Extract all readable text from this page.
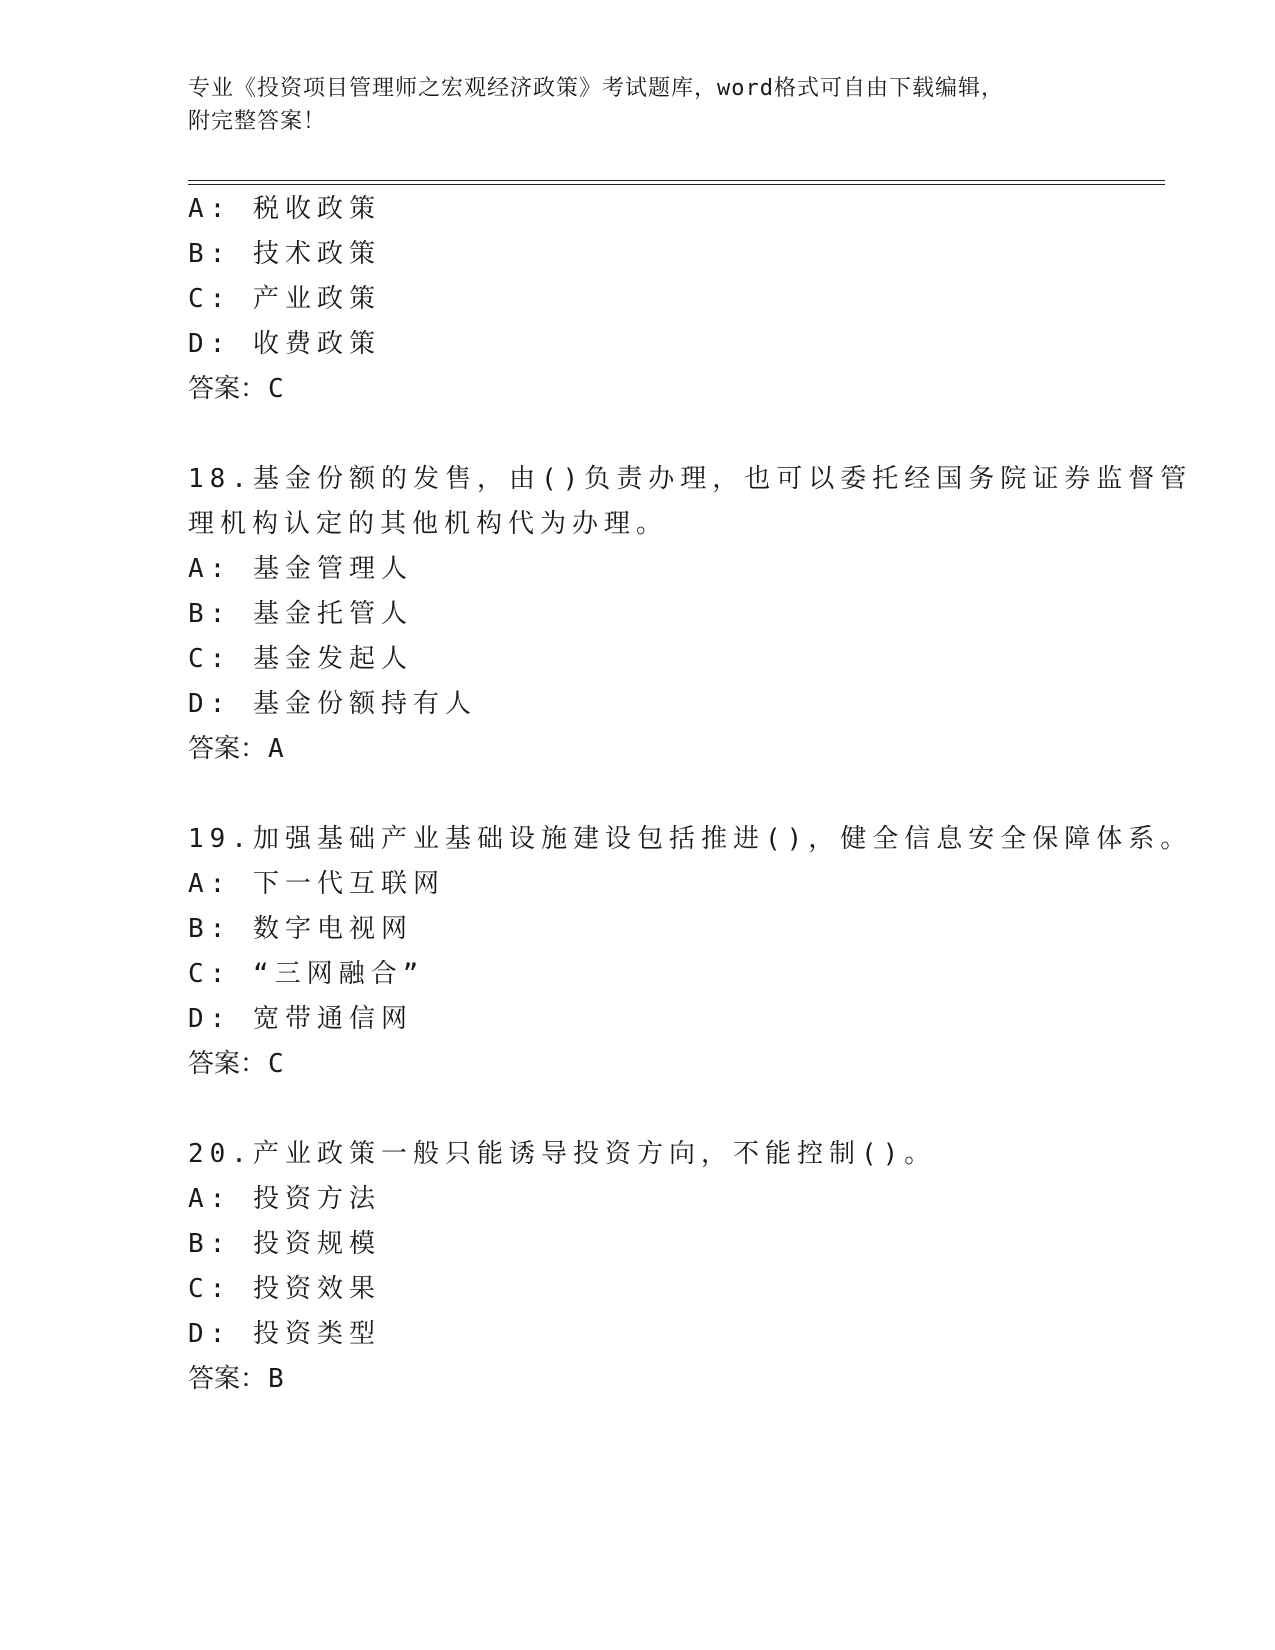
专业《投资项目管理师之宏观经济政策》考试题库，word格式可自由下载编辑，
附完整答案！
A: 税收政策
B: 技术政策
C: 产业政策
D: 收费政策
答案：C
18.基金份额的发售，由()负责办理，也可以委托经国务院证券监督管
理机构认定的其他机构代为办理。
A: 基金管理人
B: 基金托管人
C: 基金发起人
D: 基金份额持有人
答案：A
19.加强基础产业基础设施建设包括推进()，健全信息安全保障体系。
A: 下一代互联网
B: 数字电视网
C: “三网融合”
D: 宽带通信网
答案：C
20.产业政策一般只能诱导投资方向，不能控制()。
A: 投资方法
B: 投资规模
C: 投资效果
D: 投资类型
答案：B
